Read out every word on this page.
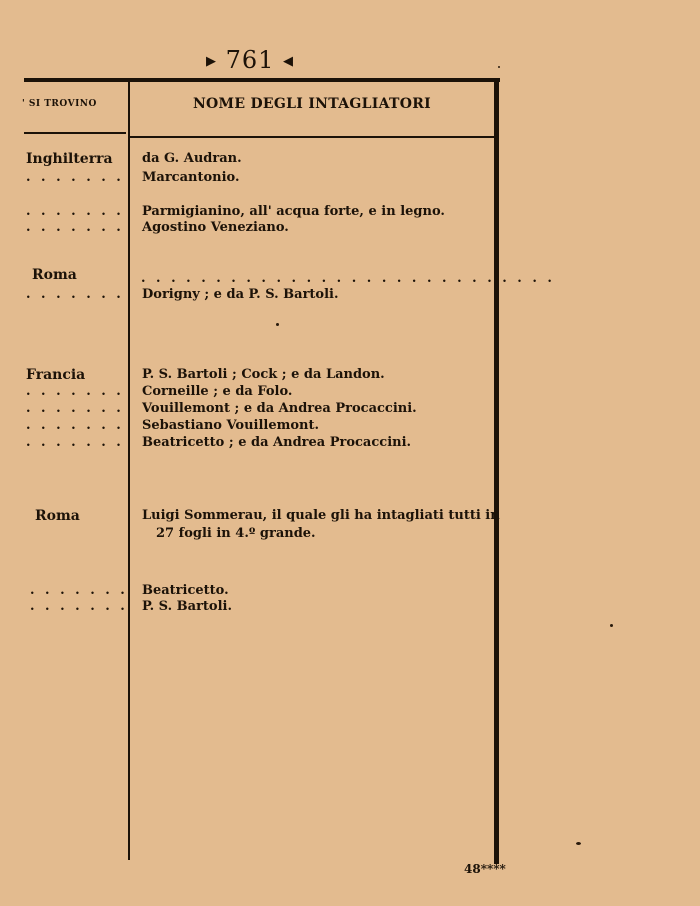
▶ 761 ◀
' SI TROVINO	NOME DEGLI INTAGLIATORI
Inghilterra	da G. Audran.
. . . . . . . Marcantonio.
. . . . . . . Parmigianino, all' acqua forte, e in legno.
. . . . . . . Agostino Veneziano.
Roma	. . . . . . . . . . . . . . . . . . . . . . . . . . . .
. . . . . . . Dorigny ; e da P. S. Bartoli.
Francia	P. S. Bartoli ; Cock ; e da Landon.
. . . . . . . Corneille ; e da Folo.
. . . . . . . Vouillemont ; e da Andrea Procaccini.
. . . . . . . Sebastiano Vouillemont.
. . . . . . . Beatricetto ; e da Andrea Procaccini.
Roma	Luigi Sommerau, il quale gli ha intagliati tutti in
27 fogli in 4.º grande.
. . . . . . . Beatricetto.
. . . . . . . P. S. Bartoli.
48****
